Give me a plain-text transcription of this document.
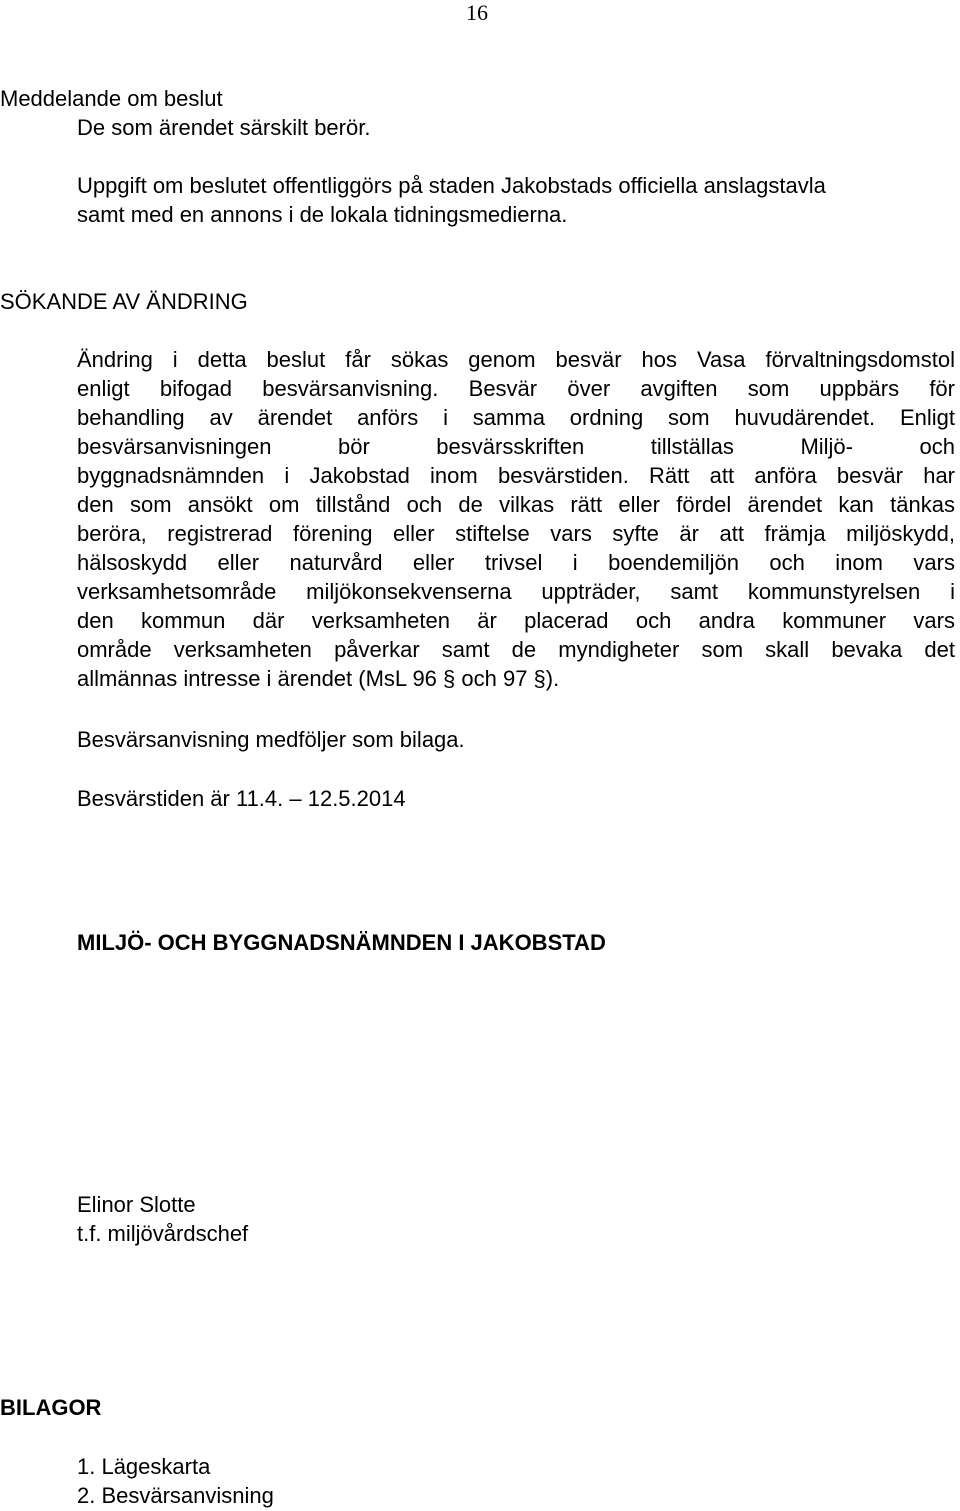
16
Meddelande om beslut
De som ärendet särskilt berör.
Uppgift om beslutet offentliggörs på staden Jakobstads officiella anslagstavla
samt med en annons i de lokala tidningsmedierna.
SÖKANDE AV ÄNDRING
Ändring i detta beslut får sökas genom besvär hos Vasa förvaltningsdomstol
enligt bifogad besvärsanvisning. Besvär över avgiften som uppbärs för
behandling av ärendet anförs i samma ordning som huvudärendet. Enligt
besvärsanvisningen bör besvärsskriften tillställas Miljö- och
byggnadsnämnden i Jakobstad inom besvärstiden. Rätt att anföra besvär har
den som ansökt om tillstånd och de vilkas rätt eller fördel ärendet kan tänkas
beröra, registrerad förening eller stiftelse vars syfte är att främja miljöskydd,
hälsoskydd eller naturvård eller trivsel i boendemiljön och inom vars
verksamhetsområde miljökonsekvenserna uppträder, samt kommunstyrelsen i
den kommun där verksamheten är placerad och andra kommuner vars
område verksamheten påverkar samt de myndigheter som skall bevaka det
allmännas intresse i ärendet (MsL 96 § och 97 §).
Besvärsanvisning medföljer som bilaga.
Besvärstiden är 11.4. – 12.5.2014
MILJÖ- OCH BYGGNADSNÄMNDEN I JAKOBSTAD
Elinor Slotte
t.f. miljövårdschef
BILAGOR
1. Lägeskarta
2. Besvärsanvisning
